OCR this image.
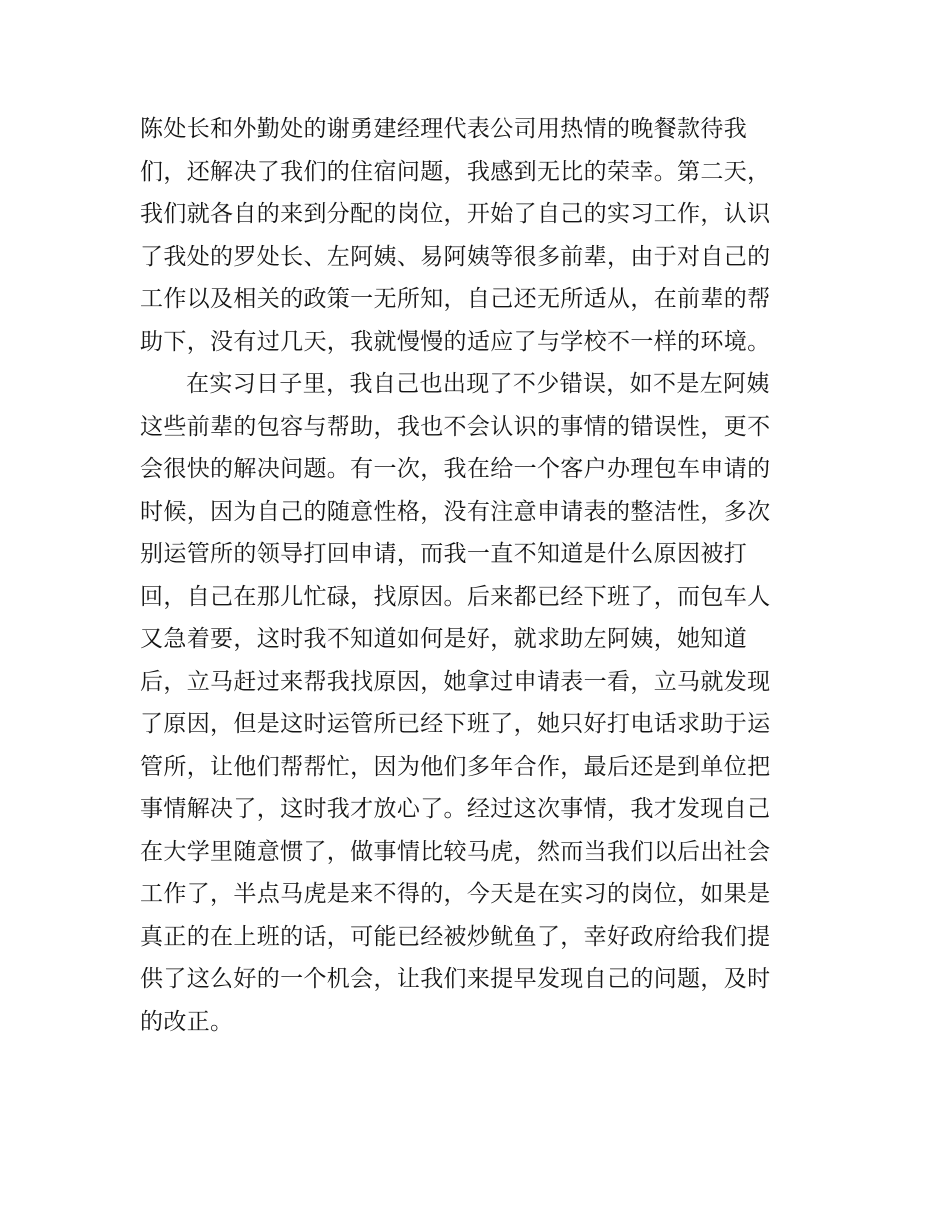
陈处长和外勤处的谢勇建经理代表公司用热情的晚餐款待我
们，还解决了我们的住宿问题，我感到无比的荣幸。第二天，
我们就各自的来到分配的岗位，开始了自己的实习工作，认识
了我处的罗处长、左阿姨、易阿姨等很多前辈，由于对自己的
工作以及相关的政策一无所知，自己还无所适从，在前辈的帮
助下，没有过几天，我就慢慢的适应了与学校不一样的环境。
在实习日子里，我自己也出现了不少错误，如不是左阿姨
这些前辈的包容与帮助，我也不会认识的事情的错误性，更不
会很快的解决问题。有一次，我在给一个客户办理包车申请的
时候，因为自己的随意性格，没有注意申请表的整洁性，多次
别运管所的领导打回申请，而我一直不知道是什么原因被打
回，自己在那儿忙碌，找原因。后来都已经下班了，而包车人
又急着要，这时我不知道如何是好，就求助左阿姨，她知道
后，立马赶过来帮我找原因，她拿过申请表一看，立马就发现
了原因，但是这时运管所已经下班了，她只好打电话求助于运
管所，让他们帮帮忙，因为他们多年合作，最后还是到单位把
事情解决了，这时我才放心了。经过这次事情，我才发现自己
在大学里随意惯了，做事情比较马虎，然而当我们以后出社会
工作了，半点马虎是来不得的，今天是在实习的岗位，如果是
真正的在上班的话，可能已经被炒鱿鱼了，幸好政府给我们提
供了这么好的一个机会，让我们来提早发现自己的问题，及时
的改正。
